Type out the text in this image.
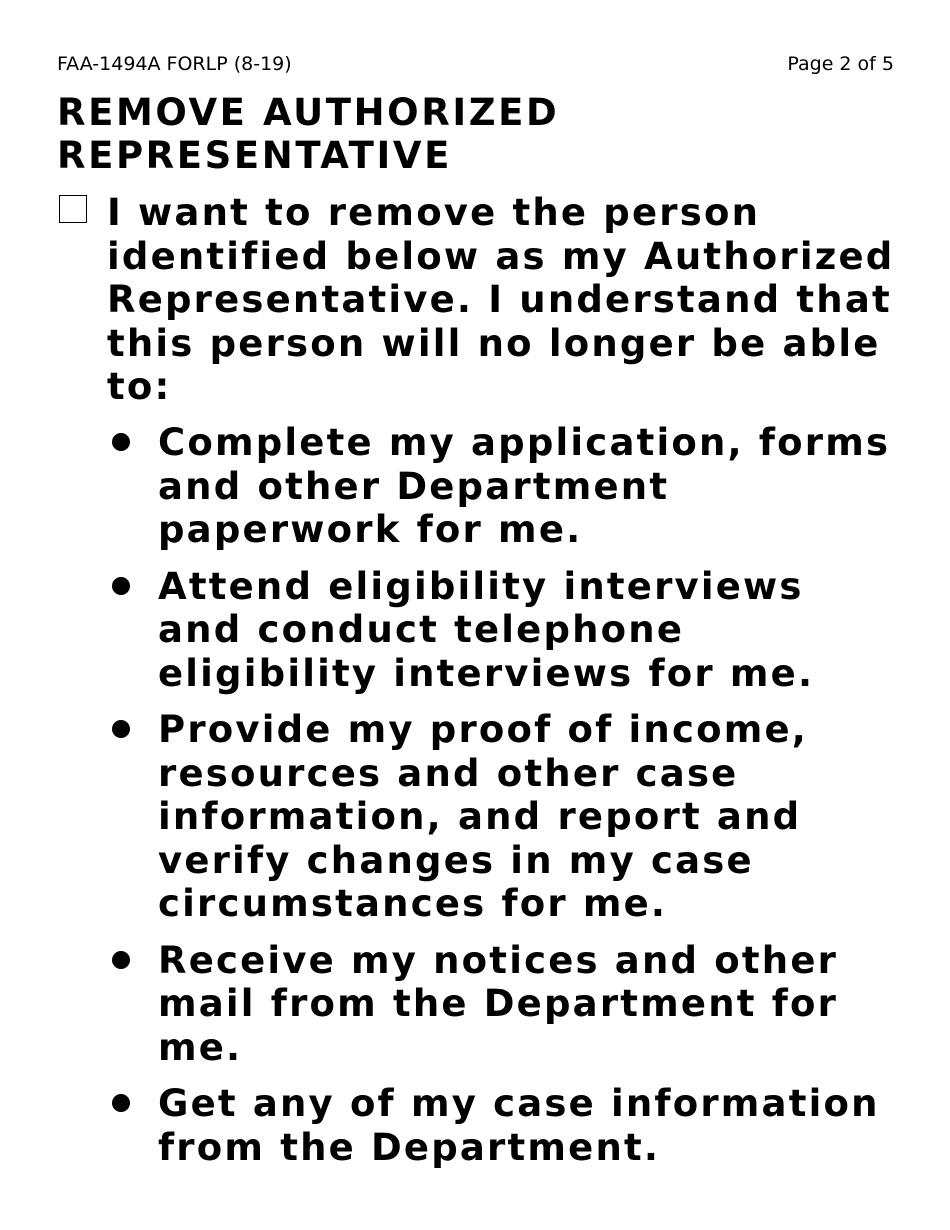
FAA-1494A FORLP (8-19)	Page 2 of 5
REMOVE AUTHORIZED REPRESENTATIVE

I want to remove the person identified below as my Authorized Representative. I understand that this person will no longer be able to:

Complete my application, forms and other Department paperwork for me.
Attend eligibility interviews and conduct telephone eligibility interviews for me.
Provide my proof of income, resources and other case information, and report and verify changes in my case circumstances for me.
Receive my notices and other mail from the Department for me.
Get any of my case information from the Department.
